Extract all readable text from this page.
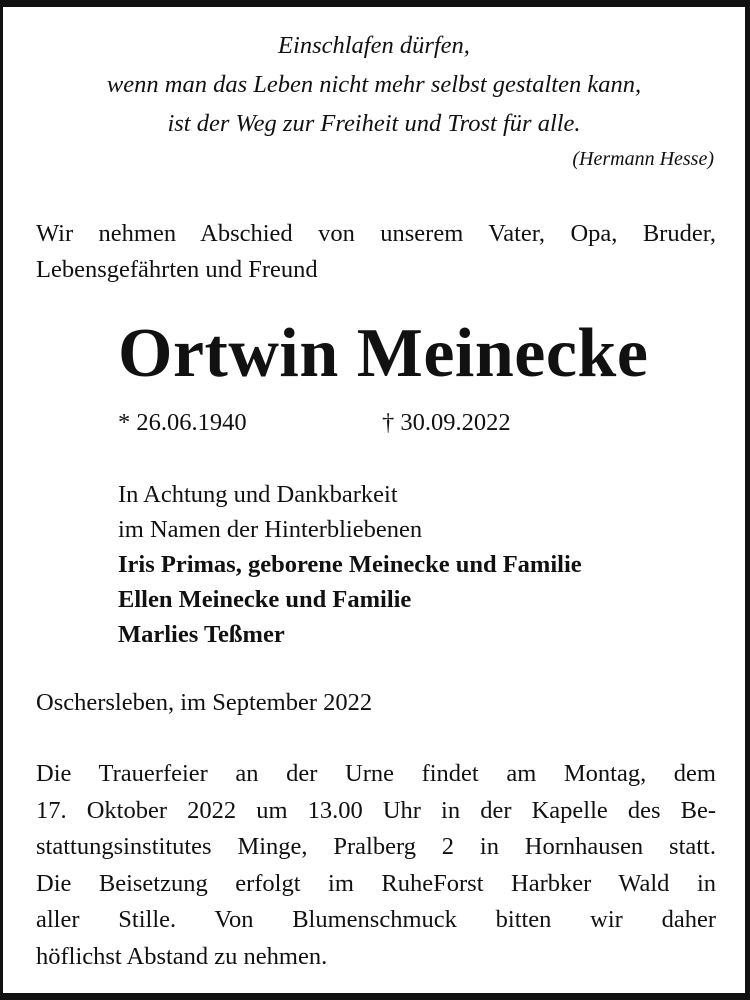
Einschlafen dürfen,
wenn man das Leben nicht mehr selbst gestalten kann,
ist der Weg zur Freiheit und Trost für alle.
(Hermann Hesse)
Wir nehmen Abschied von unserem Vater, Opa, Bruder,
Lebensgefährten und Freund
Ortwin Meinecke
* 26.06.1940	† 30.09.2022
In Achtung und Dankbarkeit
im Namen der Hinterbliebenen
Iris Primas, geborene Meinecke und Familie
Ellen Meinecke und Familie
Marlies Teßmer
Oschersleben, im September 2022
Die Trauerfeier an der Urne findet am Montag, dem
17. Oktober 2022 um 13.00 Uhr in der Kapelle des Be-
stattungsinstitutes Minge, Pralberg 2 in Hornhausen statt.
Die Beisetzung erfolgt im RuheForst Harbker Wald in
aller Stille. Von Blumenschmuck bitten wir daher
höflichst Abstand zu nehmen.
